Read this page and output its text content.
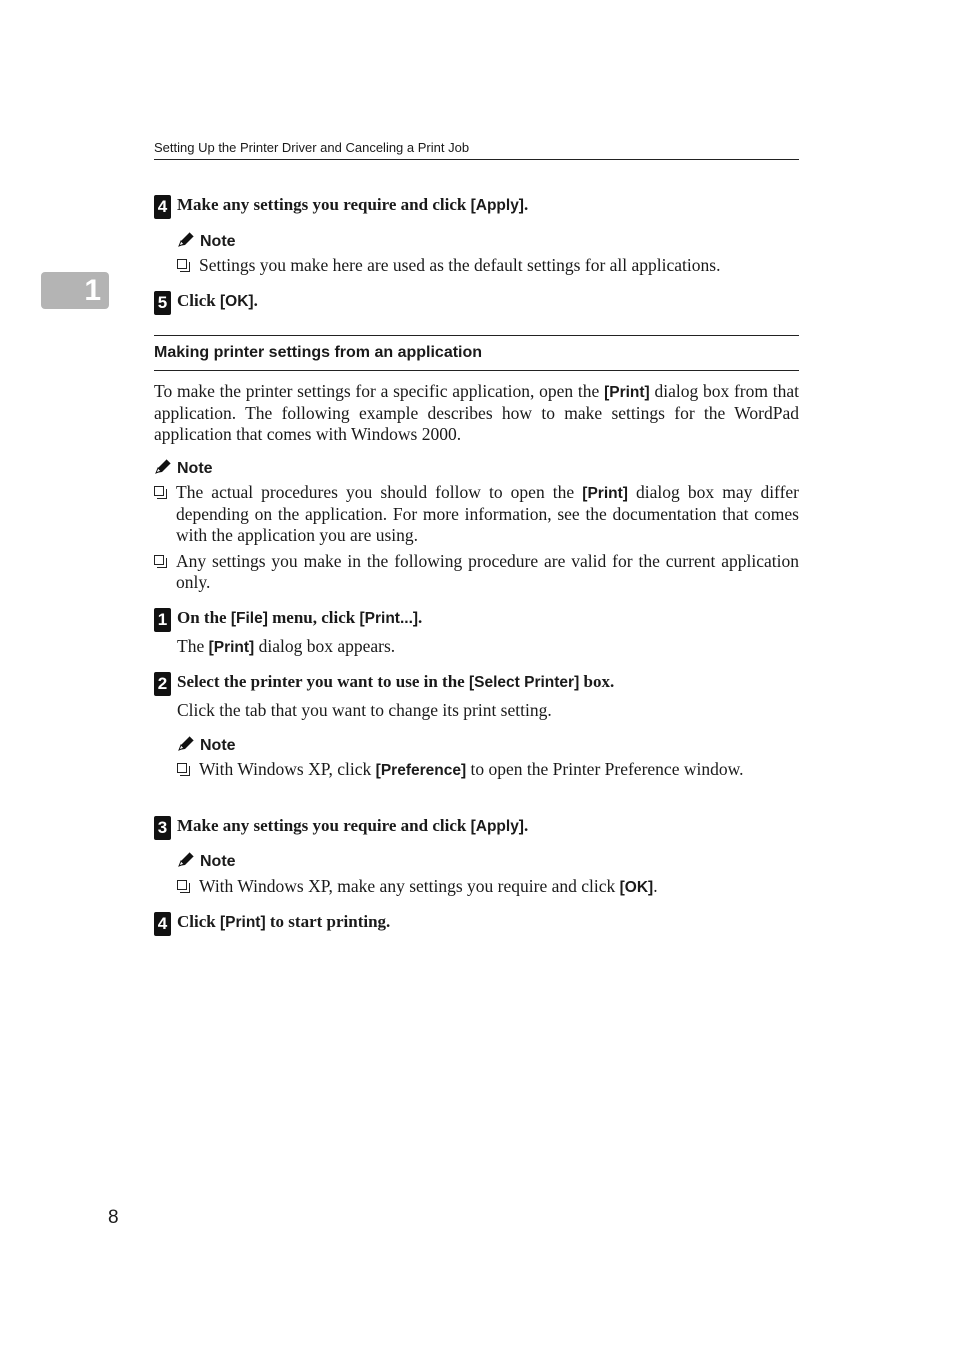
Setting Up the Printer Driver and Canceling a Print Job
1
4 Make any settings you require and click [Apply].
Note
Settings you make here are used as the default settings for all applications.
5 Click [OK].
Making printer settings from an application
To make the printer settings for a specific application, open the [Print] dialog box from that application. The following example describes how to make settings for the WordPad application that comes with Windows 2000.
Note
The actual procedures you should follow to open the [Print] dialog box may differ depending on the application. For more information, see the documentation that comes with the application you are using.
Any settings you make in the following procedure are valid for the current application only.
1 On the [File] menu, click [Print...].
The [Print] dialog box appears.
2 Select the printer you want to use in the [Select Printer] box.
Click the tab that you want to change its print setting.
Note
With Windows XP, click [Preference] to open the Printer Preference window.
3 Make any settings you require and click [Apply].
Note
With Windows XP, make any settings you require and click [OK].
4 Click [Print] to start printing.
8
